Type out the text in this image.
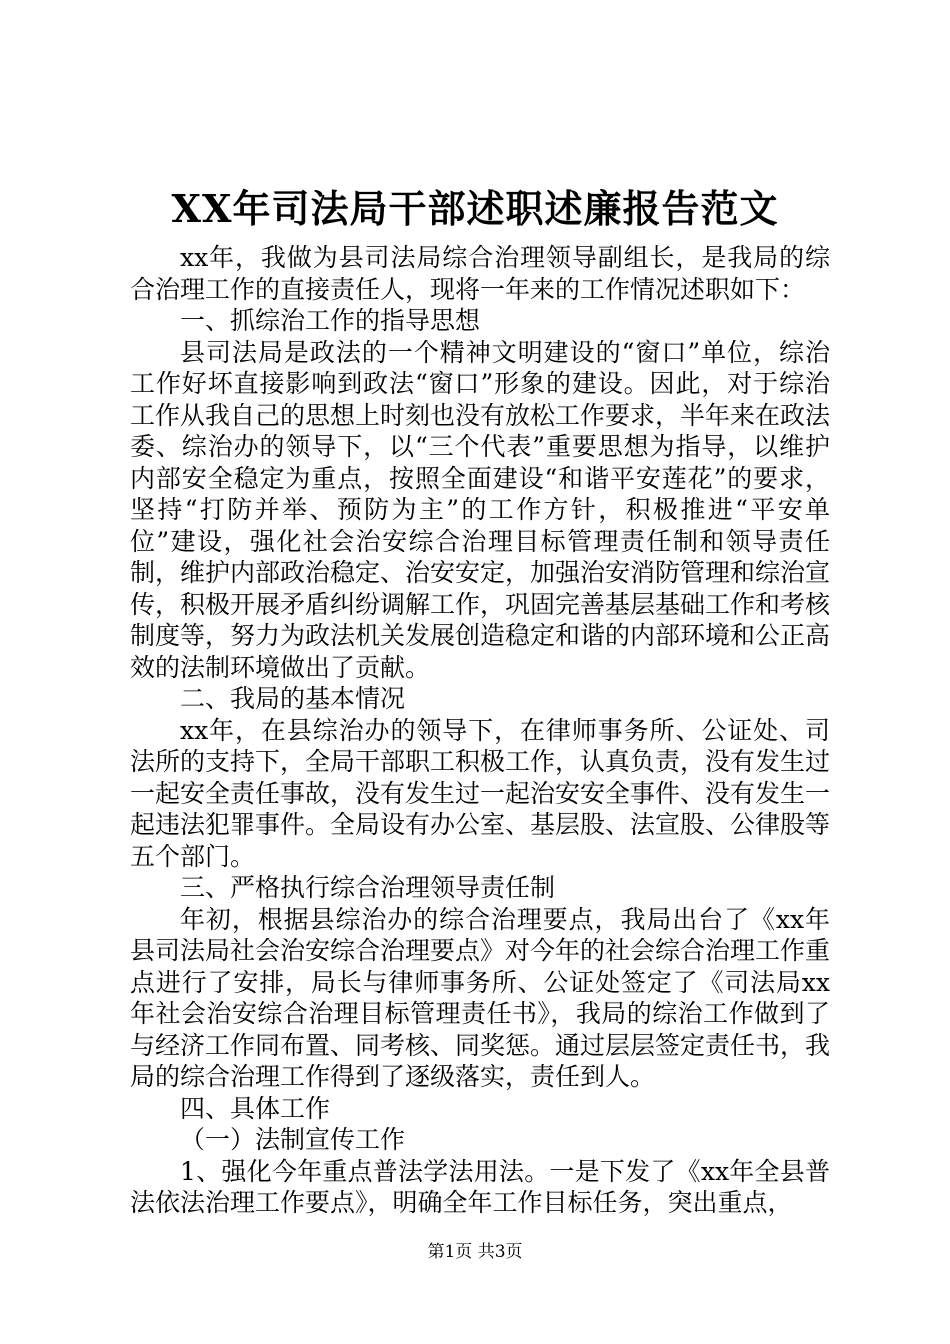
XX年司法局干部述职述廉报告范文

xx年，我做为县司法局综合治理领导副组长，是我局的综合治理工作的直接责任人，现将一年来的工作情况述职如下：

一、抓综治工作的指导思想

县司法局是政法的一个精神文明建设的“窗口”单位，综治工作好坏直接影响到政法“窗口”形象的建设。因此，对于综治工作从我自己的思想上时刻也没有放松工作要求，半年来在政法委、综治办的领导下，以“三个代表”重要思想为指导，以维护内部安全稳定为重点，按照全面建设“和谐平安莲花”的要求，坚持“打防并举、预防为主”的工作方针，积极推进“平安单位”建设，强化社会治安综合治理目标管理责任制和领导责任制，维护内部政治稳定、治安安定，加强治安消防管理和综治宣传，积极开展矛盾纠纷调解工作，巩固完善基层基础工作和考核制度等，努力为政法机关发展创造稳定和谐的内部环境和公正高效的法制环境做出了贡献。

二、我局的基本情况

xx年，在县综治办的领导下，在律师事务所、公证处、司法所的支持下，全局干部职工积极工作，认真负责，没有发生过一起安全责任事故，没有发生过一起治安安全事件、没有发生一起违法犯罪事件。全局设有办公室、基层股、法宣股、公律股等五个部门。

三、严格执行综合治理领导责任制

年初，根据县综治办的综合治理要点，我局出台了《xx年县司法局社会治安综合治理要点》对今年的社会综合治理工作重点进行了安排，局长与律师事务所、公证处签定了《司法局xx年社会治安综合治理目标管理责任书》，我局的综治工作做到了与经济工作同布置、同考核、同奖惩。通过层层签定责任书，我局的综合治理工作得到了逐级落实，责任到人。

四、具体工作

（一）法制宣传工作

1、强化今年重点普法学法用法。一是下发了《xx年全县普法依法治理工作要点》，明确全年工作目标任务，突出重点，

第1页 共3页
